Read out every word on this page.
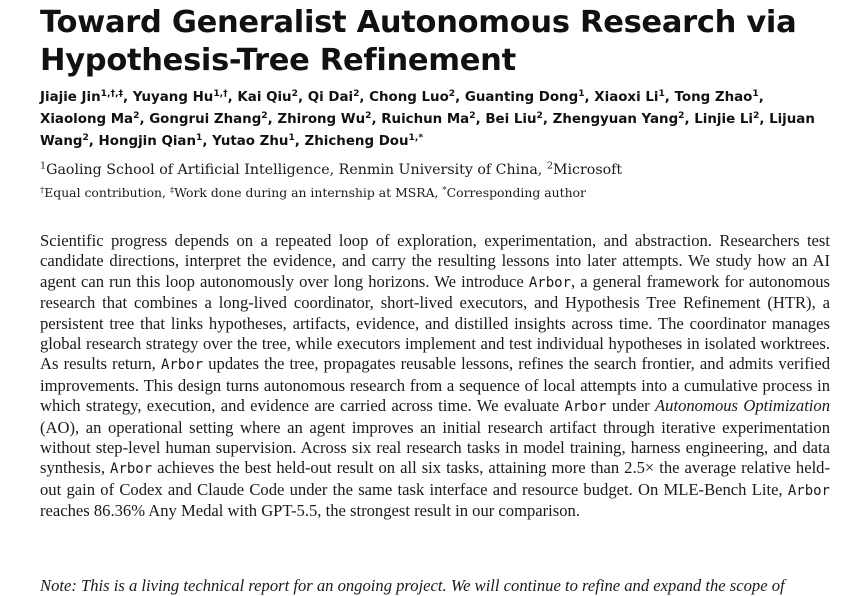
Toward Generalist Autonomous Research via Hypothesis-Tree Refinement
Jiajie Jin$^{1,\dagger,\ddagger}$, Yuyang $Hu^{1,\dagger}$, Kai Qiu$^2$, Qi Dai$^2$, Chong Luo$^2$, Guanting Dong$^1$, Xiaoxi Li$^1$, Tong Zhao$^1$, Xiaolong Ma$^2$, Gongrui Zhang$^2$, Zhirong Wu$^2$, Ruichun Ma$^2$, Bei Liu$^2$, Zhengyuan Yang$^2$, Linjie Li$^2$, Lijuan Wang$^2$, Hongjin Qian$^1$, Yutao Zhu$^1$, Zhicheng Dou$^{1,*}$
$^1$Gaoling School of Artificial Intelligence, Renmin University of China, $^2$Microsoft
†Equal contribution, ‡Work done during an internship at MSRA, *Corresponding author
Scientific progress depends on a repeated loop of exploration, experimentation, and abstraction. Researchers test candidate directions, interpret the evidence, and carry the resulting lessons into later attempts. We study how an AI agent can run this loop autonomously over long horizons. We introduce Arbor, a general framework for autonomous research that combines a long-lived coordinator, short-lived executors, and Hypothesis Tree Refinement (HTR), a persistent tree that links hypotheses, artifacts, evidence, and distilled insights across time. The coordinator manages global research strategy over the tree, while executors implement and test individual hypotheses in isolated worktrees. As results return, Arbor updates the tree, propagates reusable lessons, refines the search frontier, and admits verified improvements. This design turns autonomous research from a sequence of local attempts into a cumulative process in which strategy, execution, and evidence are carried across time. We evaluate Arbor under Autonomous Optimization (AO), an operational setting where an agent improves an initial research artifact through iterative experimentation without step-level human supervision. Across six real research tasks in model training, harness engineering, and data synthesis, Arbor achieves the best held-out result on all six tasks, attaining more than 2.5× the average relative held-out gain of Codex and Claude Code under the same task interface and resource budget. On MLE-Bench Lite, Arbor reaches 86.36% Any Medal with GPT-5.5, the strongest result in our comparison.
Note: This is a living technical report for an ongoing project. We will continue to refine and expand the scope of
